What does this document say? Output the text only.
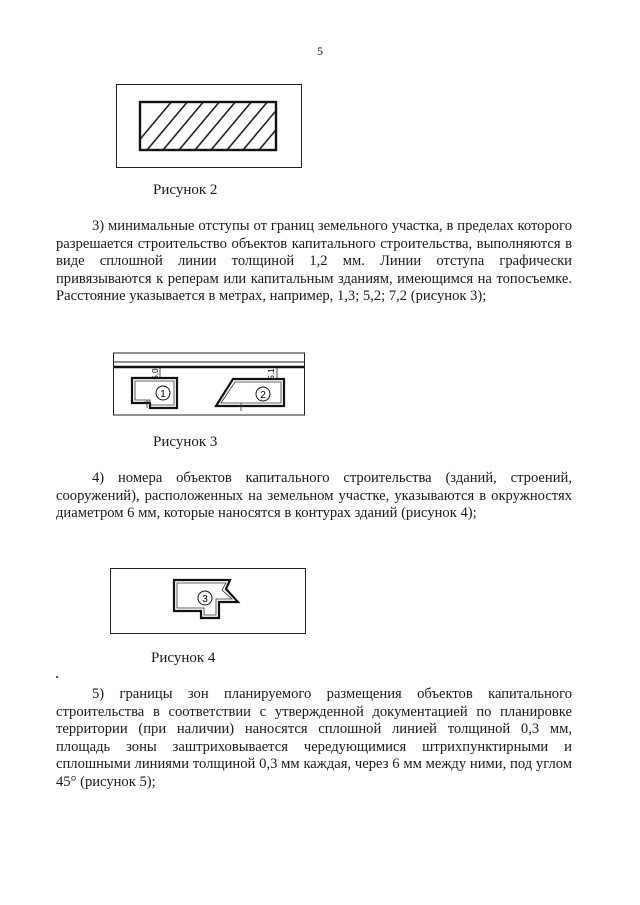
5
Рисунок 2

3) минимальные отступы от границ земельного участка, в пределах которого разрешается строительство объектов капитального строительства, выполняются в виде сплошной линии толщиной 1,2 мм. Линии отступа графически привязываются к реперам или капитальным зданиям, имеющимся на топосъемке. Расстояние указывается в метрах, например, 1,3; 5,2; 7,2 (рисунок 3);

1	2
5,0	5,1
Рисунок 3

4) номера объектов капитального строительства (зданий, строений, сооружений), расположенных на земельном участке, указываются в окружностях диаметром 6 мм, которые наносятся в контурах зданий (рисунок 4);

3
Рисунок 4

5) границы зон планируемого размещения объектов капитального строительства в соответствии с утвержденной документацией по планировке территории (при наличии) наносятся сплошной линией толщиной 0,3 мм, площадь зоны заштриховывается чередующимися штрихпунктирными и сплошными линиями толщиной 0,3 мм каждая, через 6 мм между ними, под углом 45° (рисунок 5);
